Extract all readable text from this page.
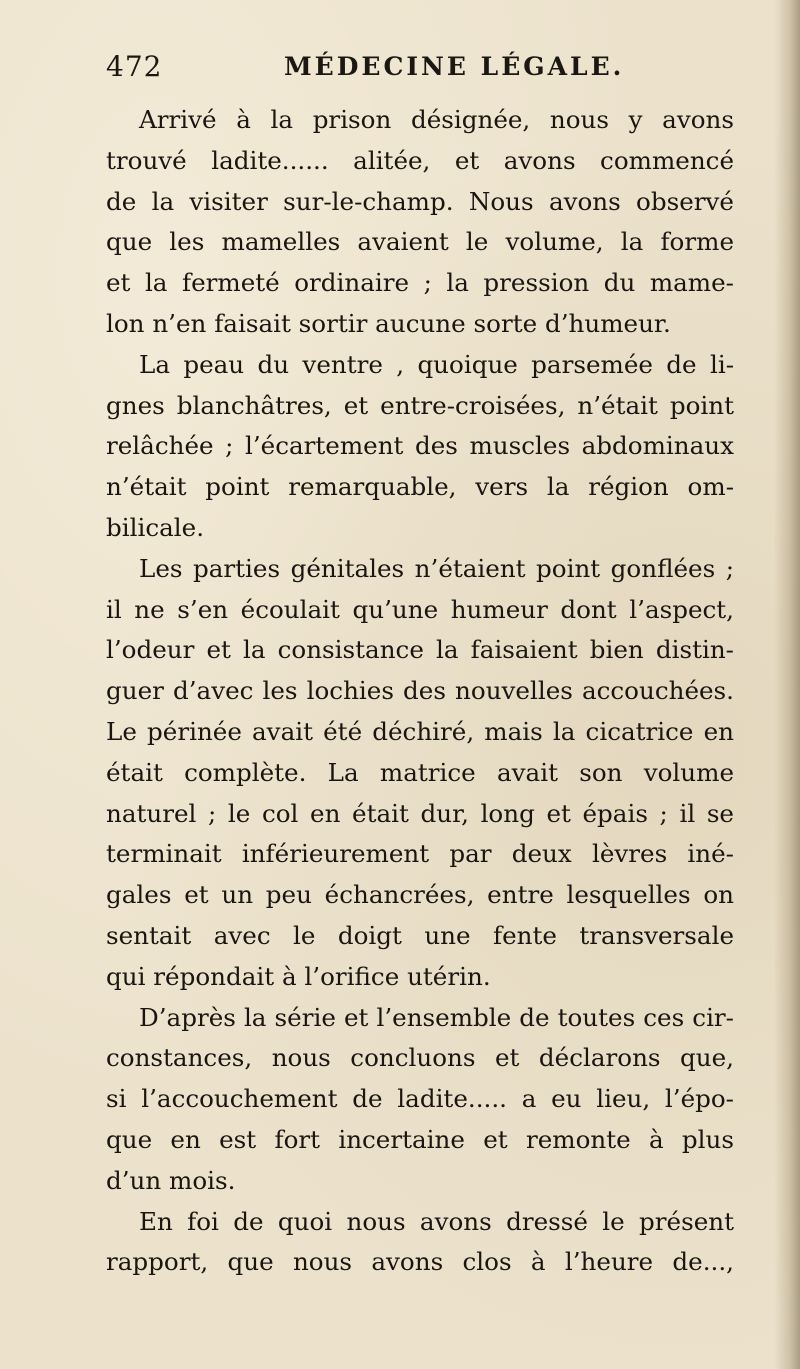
472	MÉDECINE LÉGALE.
Arrivé à la prison désignée, nous y avons
trouvé ladite...... alitée, et avons commencé
de la visiter sur-le-champ. Nous avons observé
que les mamelles avaient le volume, la forme
et la fermeté ordinaire ; la pression du mame-
lon n’en faisait sortir aucune sorte d’humeur.
La peau du ventre , quoique parsemée de li-
gnes blanchâtres, et entre-croisées, n’était point
relâchée ; l’écartement des muscles abdominaux
n’était point remarquable, vers la région om-
bilicale.
Les parties génitales n’étaient point gonflées ;
il ne s’en écoulait qu’une humeur dont l’aspect,
l’odeur et la consistance la faisaient bien distin-
guer d’avec les lochies des nouvelles accouchées.
Le périnée avait été déchiré, mais la cicatrice en
était complète. La matrice avait son volume
naturel ; le col en était dur, long et épais ; il se
terminait inférieurement par deux lèvres iné-
gales et un peu échancrées, entre lesquelles on
sentait avec le doigt une fente transversale
qui répondait à l’orifice utérin.
D’après la série et l’ensemble de toutes ces cir-
constances, nous concluons et déclarons que,
si l’accouchement de ladite..... a eu lieu, l’épo-
que en est fort incertaine et remonte à plus
d’un mois.
En foi de quoi nous avons dressé le présent
rapport, que nous avons clos à l’heure de...,
